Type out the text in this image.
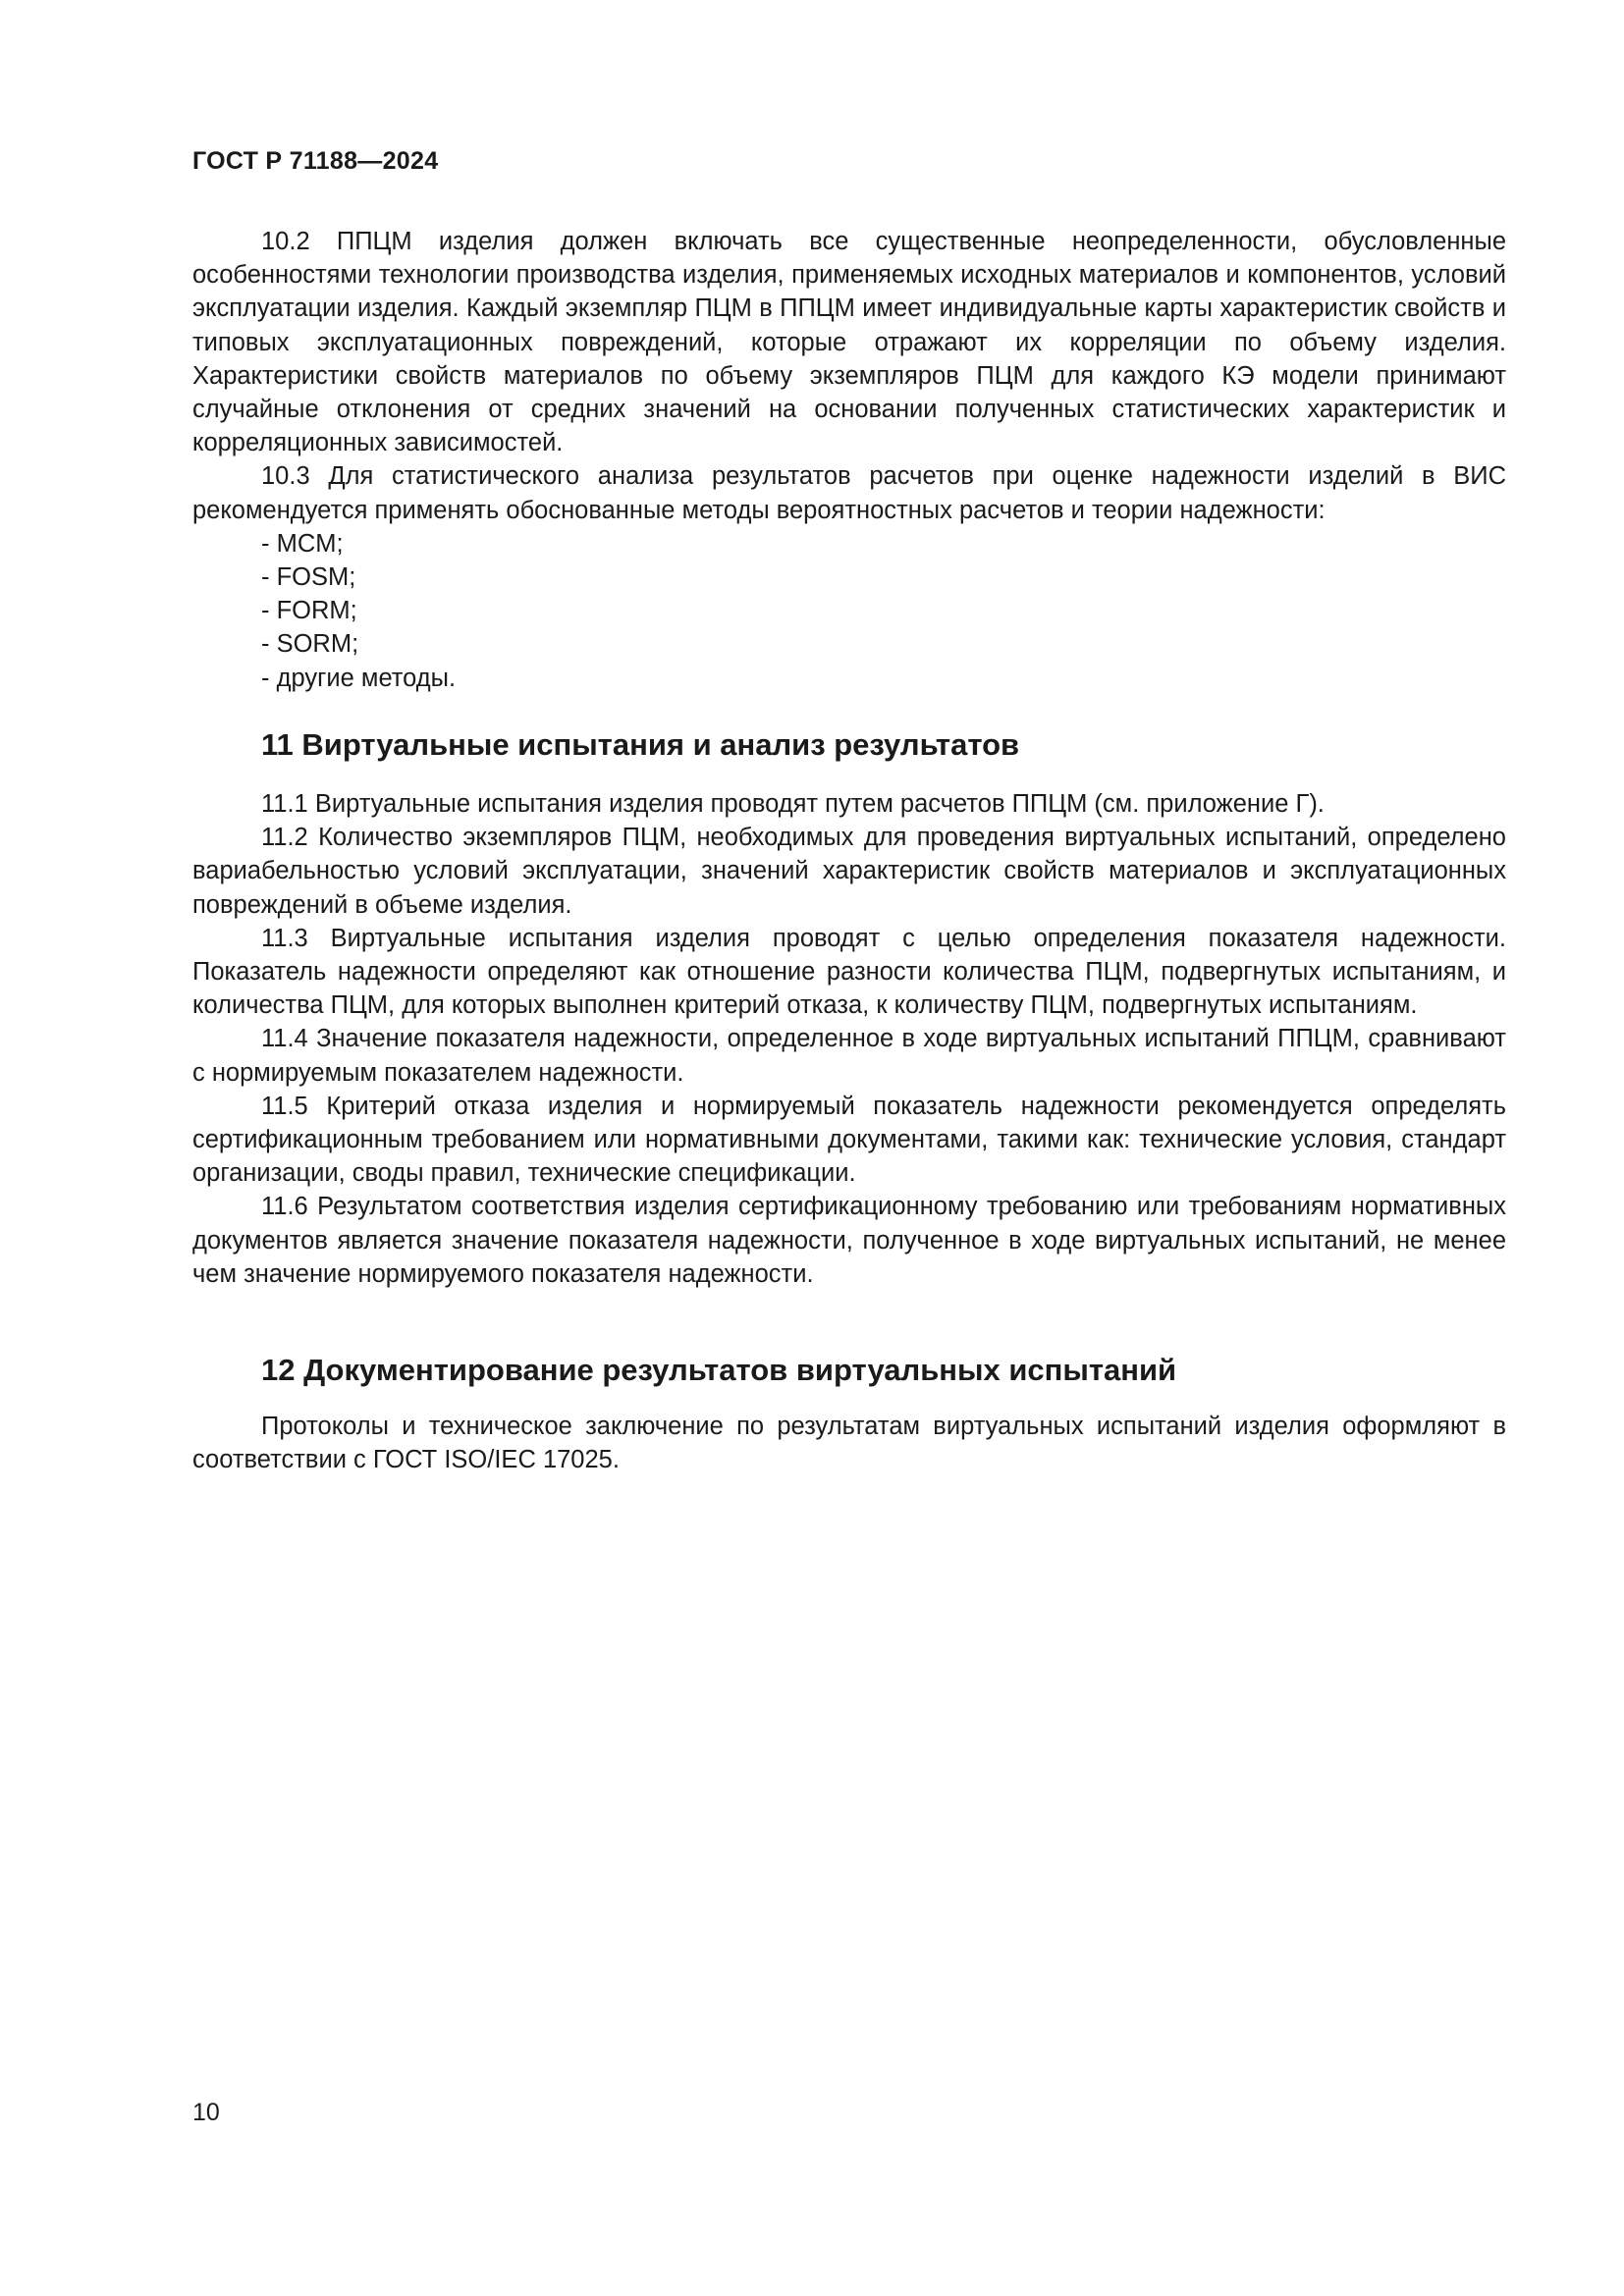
ГОСТ Р 71188—2024

10.2 ППЦМ изделия должен включать все существенные неопределенности, обусловленные особенностями технологии производства изделия, применяемых исходных материалов и компонентов, условий эксплуатации изделия. Каждый экземпляр ПЦМ в ППЦМ имеет индивидуальные карты характеристик свойств и типовых эксплуатационных повреждений, которые отражают их корреляции по объему изделия. Характеристики свойств материалов по объему экземпляров ПЦМ для каждого КЭ модели принимают случайные отклонения от средних значений на основании полученных статистических характеристик и корреляционных зависимостей.

10.3 Для статистического анализа результатов расчетов при оценке надежности изделий в ВИС рекомендуется применять обоснованные методы вероятностных расчетов и теории надежности:

- MCM;

- FOSM;

- FORM;

- SORM;

- другие методы.

11 Виртуальные испытания и анализ результатов

11.1 Виртуальные испытания изделия проводят путем расчетов ППЦМ (см. приложение Г).

11.2 Количество экземпляров ПЦМ, необходимых для проведения виртуальных испытаний, определено вариабельностью условий эксплуатации, значений характеристик свойств материалов и эксплуатационных повреждений в объеме изделия.

11.3 Виртуальные испытания изделия проводят с целью определения показателя надежности. Показатель надежности определяют как отношение разности количества ПЦМ, подвергнутых испытаниям, и количества ПЦМ, для которых выполнен критерий отказа, к количеству ПЦМ, подвергнутых испытаниям.

11.4 Значение показателя надежности, определенное в ходе виртуальных испытаний ППЦМ, сравнивают с нормируемым показателем надежности.

11.5 Критерий отказа изделия и нормируемый показатель надежности рекомендуется определять сертификационным требованием или нормативными документами, такими как: технические условия, стандарт организации, своды правил, технические спецификации.

11.6 Результатом соответствия изделия сертификационному требованию или требованиям нормативных документов является значение показателя надежности, полученное в ходе виртуальных испытаний, не менее чем значение нормируемого показателя надежности.

12 Документирование результатов виртуальных испытаний

Протоколы и техническое заключение по результатам виртуальных испытаний изделия оформляют в соответствии с ГОСТ ISO/IEC 17025.

10
